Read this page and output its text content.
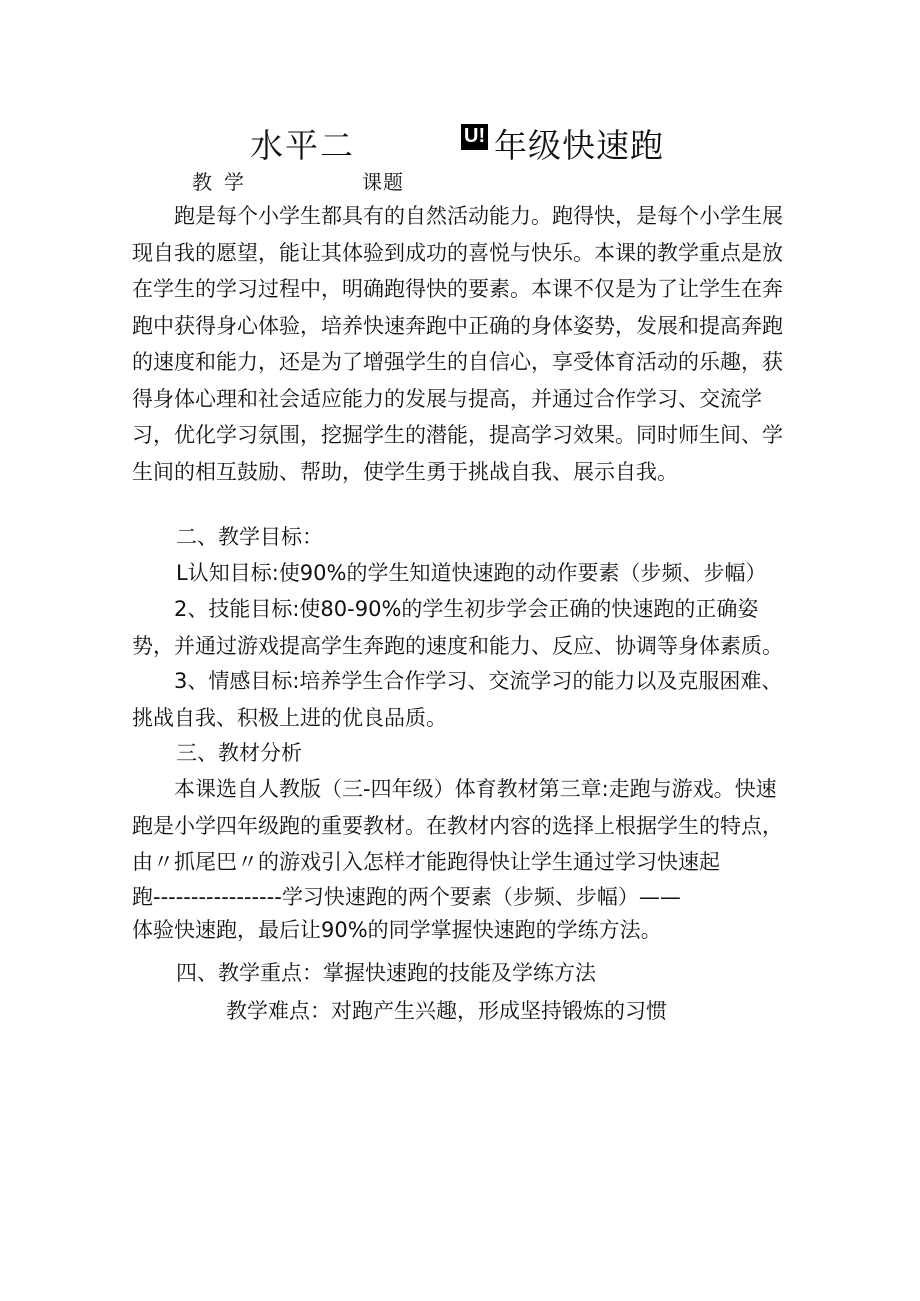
水平二	U! 年级快速跑
教学	课题

跑是每个小学生都具有的自然活动能力。跑得快，是每个小学生展现自我的愿望，能让其体验到成功的喜悦与快乐。本课的教学重点是放在学生的学习过程中，明确跑得快的要素。本课不仅是为了让学生在奔跑中获得身心体验，培养快速奔跑中正确的身体姿势，发展和提高奔跑的速度和能力，还是为了增强学生的自信心，享受体育活动的乐趣，获得身体心理和社会适应能力的发展与提高，并通过合作学习、交流学习，优化学习氛围，挖掘学生的潜能，提高学习效果。同时师生间、学生间的相互鼓励、帮助，使学生勇于挑战自我、展示自我。

二、教学目标：
L认知目标:使90%的学生知道快速跑的动作要素（步频、步幅）

2、技能目标:使80-90%的学生初步学会正确的快速跑的正确姿势，并通过游戏提高学生奔跑的速度和能力、反应、协调等身体素质。

3、情感目标:培养学生合作学习、交流学习的能力以及克服困难、挑战自我、积极上进的优良品质。

三、教材分析

本课选自人教版（三-四年级）体育教材第三章:走跑与游戏。快速跑是小学四年级跑的重要教材。在教材内容的选择上根据学生的特点，由〃抓尾巴〃的游戏引入怎样才能跑得快让学生通过学习快速起

跑-----------------学习快速跑的两个要素（步频、步幅）——
体验快速跑，最后让90%的同学掌握快速跑的学练方法。
四、教学重点：掌握快速跑的技能及学练方法
教学难点：对跑产生兴趣，形成坚持锻炼的习惯
